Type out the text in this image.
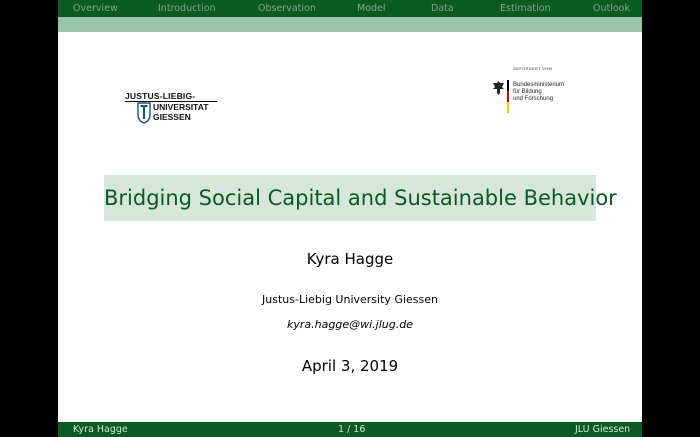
Overview	Introduction	Observation	Model	Data	Estimation	Outlook
JUSTUS-LIEBIG-
UNIVERSITAT
GIESSEN
GEFÖRDERT VOM
Bundesministerium
für Bildung
und Forschung
Bridging Social Capital and Sustainable Behavior
Kyra Hagge
Justus-Liebig University Giessen
kyra.hagge@wi.jlug.de
April 3, 2019
Kyra Hagge	1 / 16	JLU Giessen
